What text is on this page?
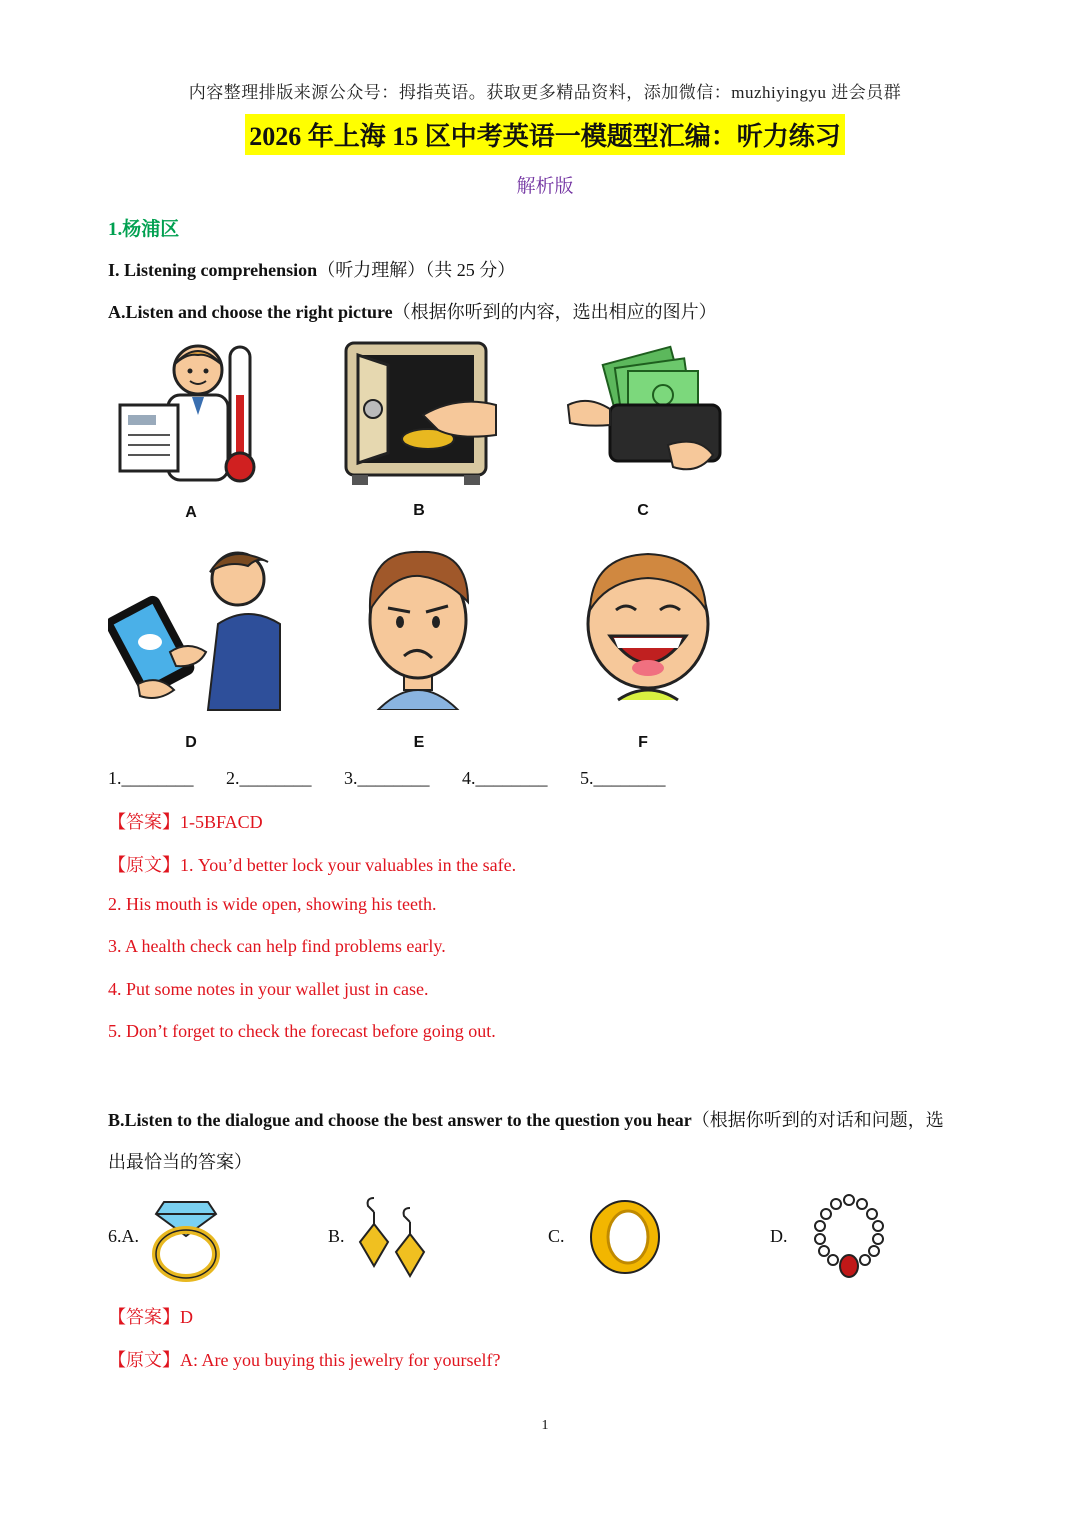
内容整理排版来源公众号：拇指英语。获取更多精品资料，添加微信：muzhiyingyu 进会员群
2026 年上海 15 区中考英语一模题型汇编：听力练习
解析版
1.杨浦区
I. Listening comprehension（听力理解）（共 25 分）
A.Listen and choose the right picture（根据你听到的内容，选出相应的图片）
A	B	C
D	E	F
1.________ 2.________ 3.________ 4.________ 5.________
【答案】1-5BFACD
【原文】1. You’d better lock your valuables in the safe.
2. His mouth is wide open, showing his teeth.
3. A health check can help find problems early.
4. Put some notes in your wallet just in case.
5. Don’t forget to check the forecast before going out.
B.Listen to the dialogue and choose the best answer to the question you hear（根据你听到的对话和问题，选
出最恰当的答案）
6.A.	B.	C.	D.
【答案】D
【原文】A: Are you buying this jewelry for yourself?
1
